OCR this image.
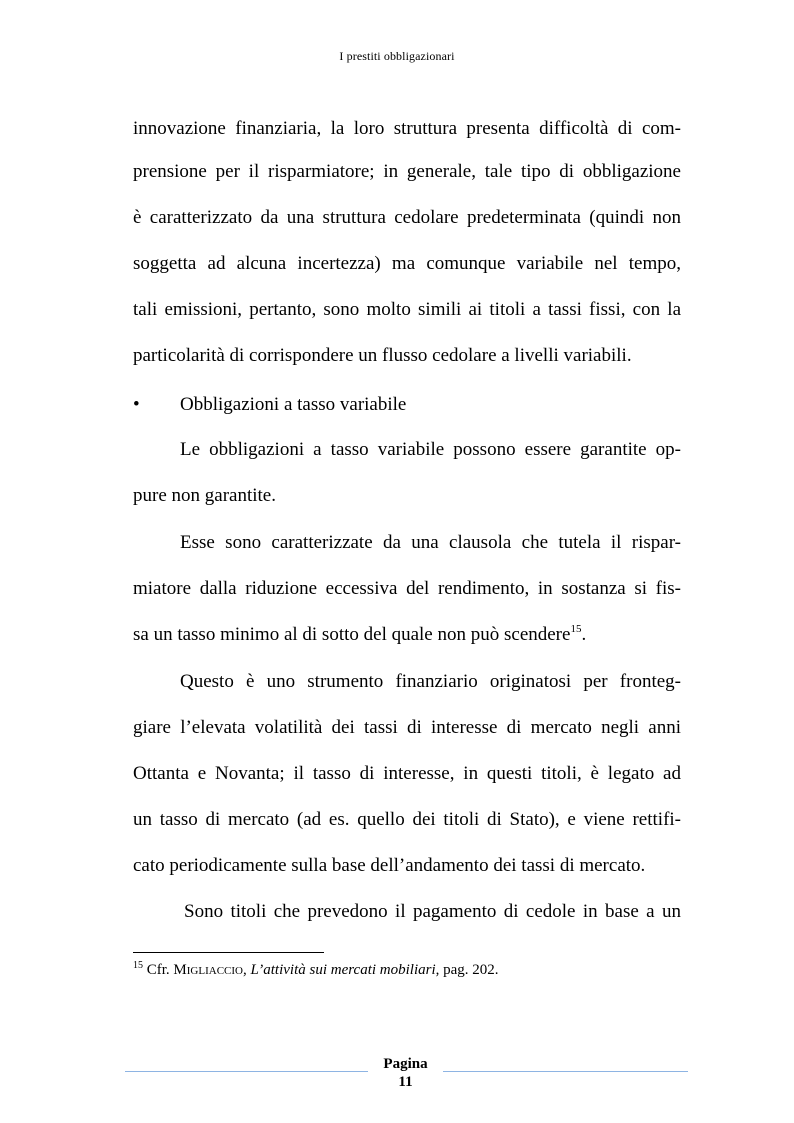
I prestiti obbligazionari
innovazione finanziaria, la loro struttura presenta difficoltà di com-
prensione per il risparmiatore; in generale, tale tipo di obbligazione
è caratterizzato da una struttura cedolare predeterminata (quindi non
soggetta ad alcuna incertezza) ma comunque variabile nel tempo,
tali emissioni, pertanto, sono molto simili ai titoli a tassi fissi, con la
particolarità di corrispondere un flusso cedolare a livelli variabili.
• Obbligazioni a tasso variabile
Le obbligazioni a tasso variabile possono essere garantite op-
pure non garantite.
Esse sono caratterizzate da una clausola che tutela il rispar-
miatore dalla riduzione eccessiva del rendimento, in sostanza si fis-
sa un tasso minimo al di sotto del quale non può scendere$^{15}$.
Questo è uno strumento finanziario originatosi per fronteg-
giare l’elevata volatilità dei tassi di interesse di mercato negli anni
Ottanta e Novanta; il tasso di interesse, in questi titoli, è legato ad
un tasso di mercato (ad es. quello dei titoli di Stato), e viene rettifi-
cato periodicamente sulla base dell’andamento dei tassi di mercato.
Sono titoli che prevedono il pagamento di cedole in base a un
$^{15}$ Cfr. Migliaccio, L’attività sui mercati mobiliari, pag. 202.
Pagina
11
